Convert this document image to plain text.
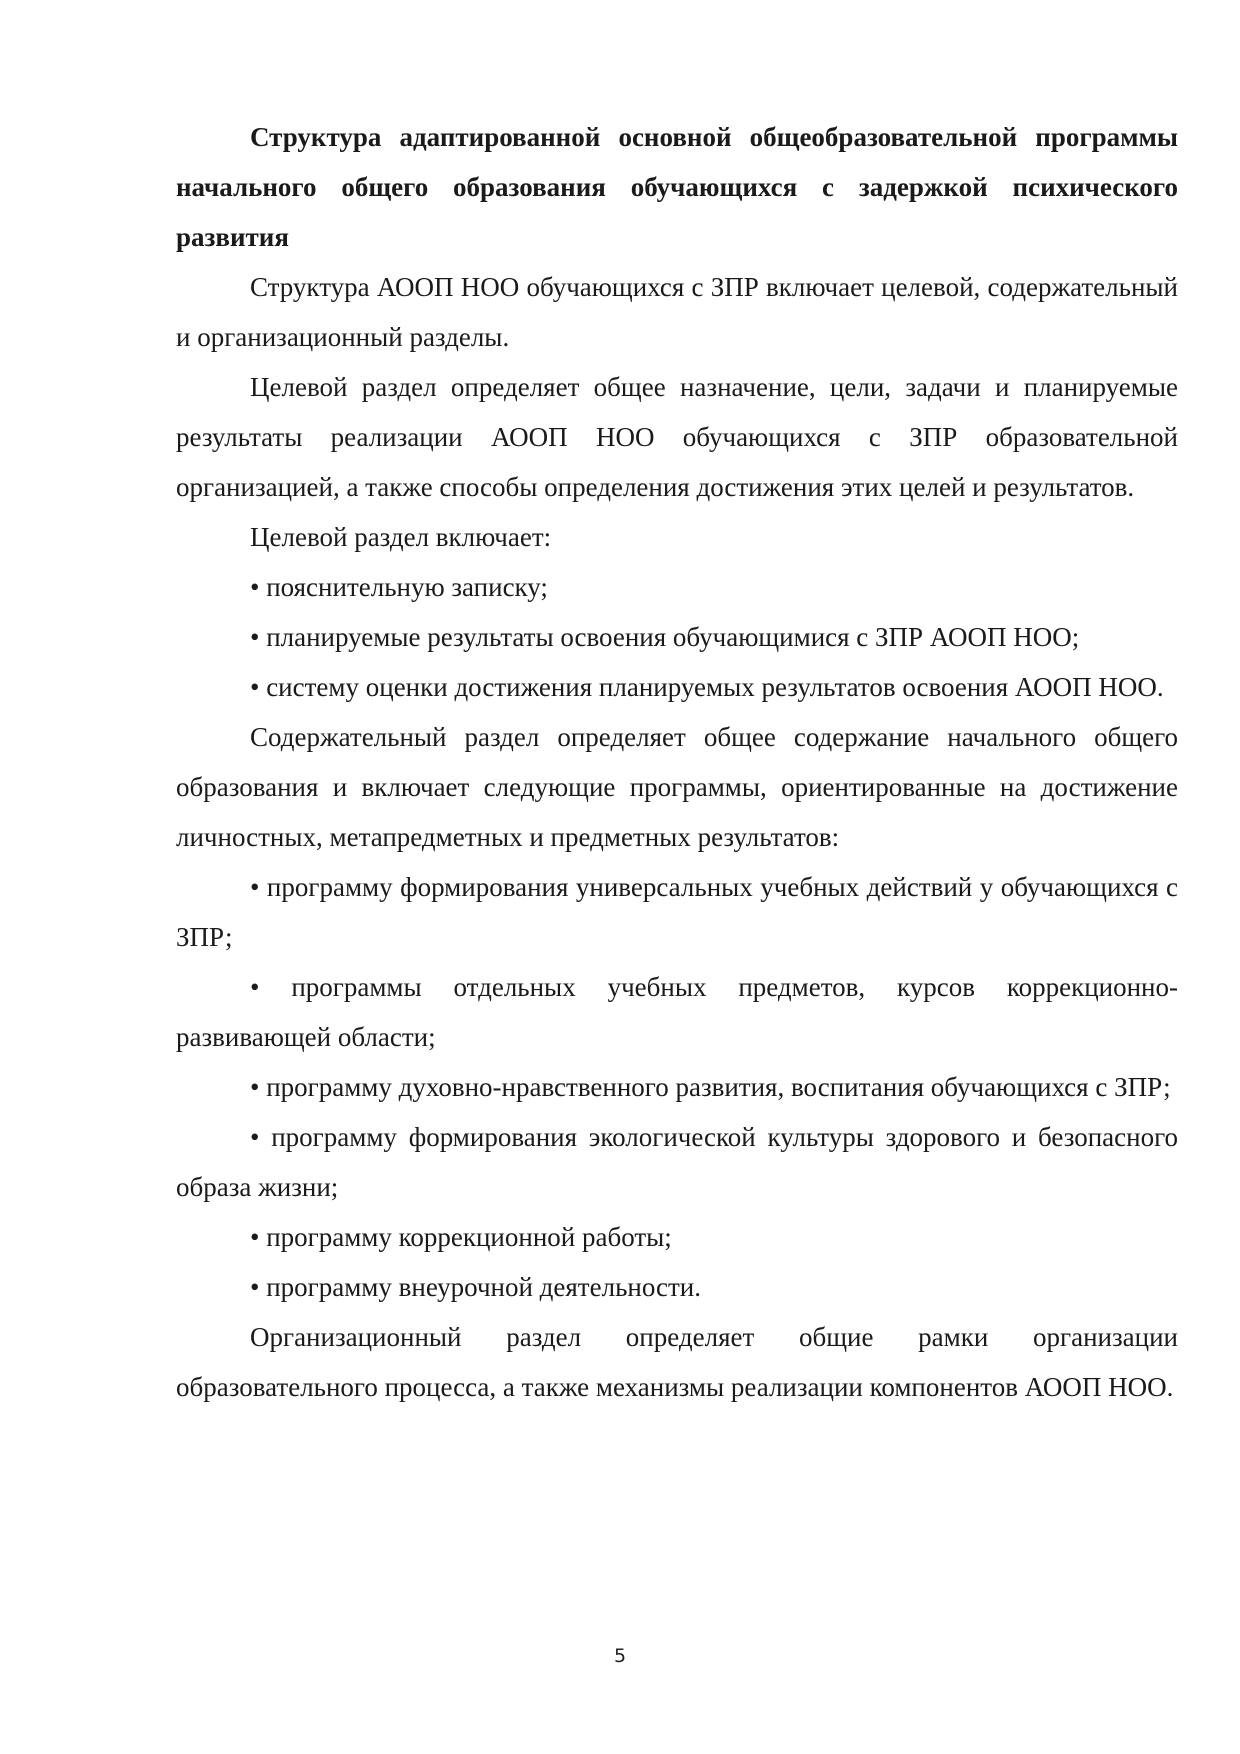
Структура адаптированной основной общеобразовательной программы начального общего образования обучающихся с задержкой психического развития

Структура АООП НОО обучающихся с ЗПР включает целевой, содержательный и организационный разделы.

Целевой раздел определяет общее назначение, цели, задачи и планируемые результаты реализации АООП НОО обучающихся с ЗПР образовательной организацией, а также способы определения достижения этих целей и результатов.

Целевой раздел включает:

• пояснительную записку;

• планируемые результаты освоения обучающимися с ЗПР АООП НОО;

• систему оценки достижения планируемых результатов освоения АООП НОО.

Содержательный раздел определяет общее содержание начального общего образования и включает следующие программы, ориентированные на достижение личностных, метапредметных и предметных результатов:

• программу формирования универсальных учебных действий у обучающихся с ЗПР;

• программы отдельных учебных предметов, курсов коррекционно-развивающей области;

• программу духовно-нравственного развития, воспитания обучающихся с ЗПР;

• программу формирования экологической культуры здорового и безопасного образа жизни;

• программу коррекционной работы;

• программу внеурочной деятельности.

Организационный раздел определяет общие рамки организации образовательного процесса, а также механизмы реализации компонентов АООП НОО.

5
